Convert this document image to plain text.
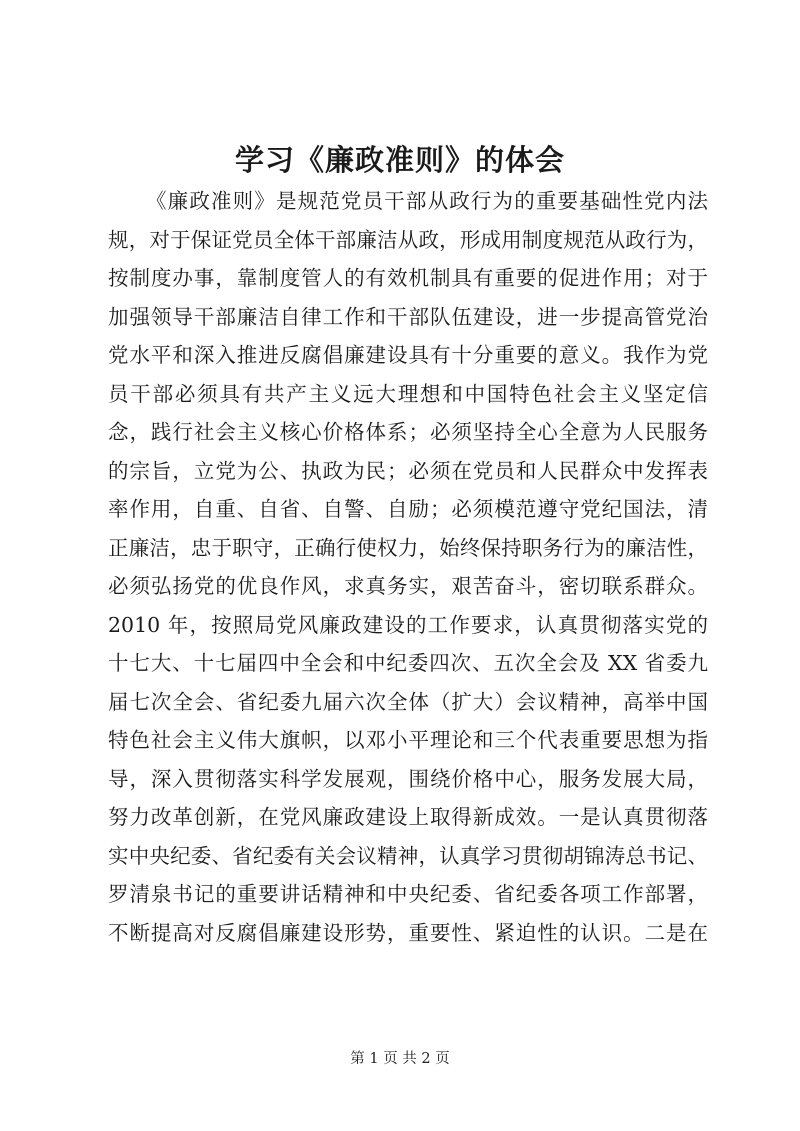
学习《廉政准则》的体会
《廉政准则》是规范党员干部从政行为的重要基础性党内法
规，对于保证党员全体干部廉洁从政，形成用制度规范从政行为，
按制度办事，靠制度管人的有效机制具有重要的促进作用；对于
加强领导干部廉洁自律工作和干部队伍建设，进一步提高管党治
党水平和深入推进反腐倡廉建设具有十分重要的意义。我作为党
员干部必须具有共产主义远大理想和中国特色社会主义坚定信
念，践行社会主义核心价格体系；必须坚持全心全意为人民服务
的宗旨，立党为公、执政为民；必须在党员和人民群众中发挥表
率作用，自重、自省、自警、自励；必须模范遵守党纪国法，清
正廉洁，忠于职守，正确行使权力，始终保持职务行为的廉洁性，
必须弘扬党的优良作风，求真务实，艰苦奋斗，密切联系群众。
2010 年，按照局党风廉政建设的工作要求，认真贯彻落实党的
十七大、十七届四中全会和中纪委四次、五次全会及 XX 省委九
届七次全会、省纪委九届六次全体（扩大）会议精神，高举中国
特色社会主义伟大旗帜，以邓小平理论和三个代表重要思想为指
导，深入贯彻落实科学发展观，围绕价格中心，服务发展大局，
努力改革创新，在党风廉政建设上取得新成效。一是认真贯彻落
实中央纪委、省纪委有关会议精神，认真学习贯彻胡锦涛总书记、
罗清泉书记的重要讲话精神和中央纪委、省纪委各项工作部署，
不断提高对反腐倡廉建设形势，重要性、紧迫性的认识。二是在
第 1 页 共 2 页
